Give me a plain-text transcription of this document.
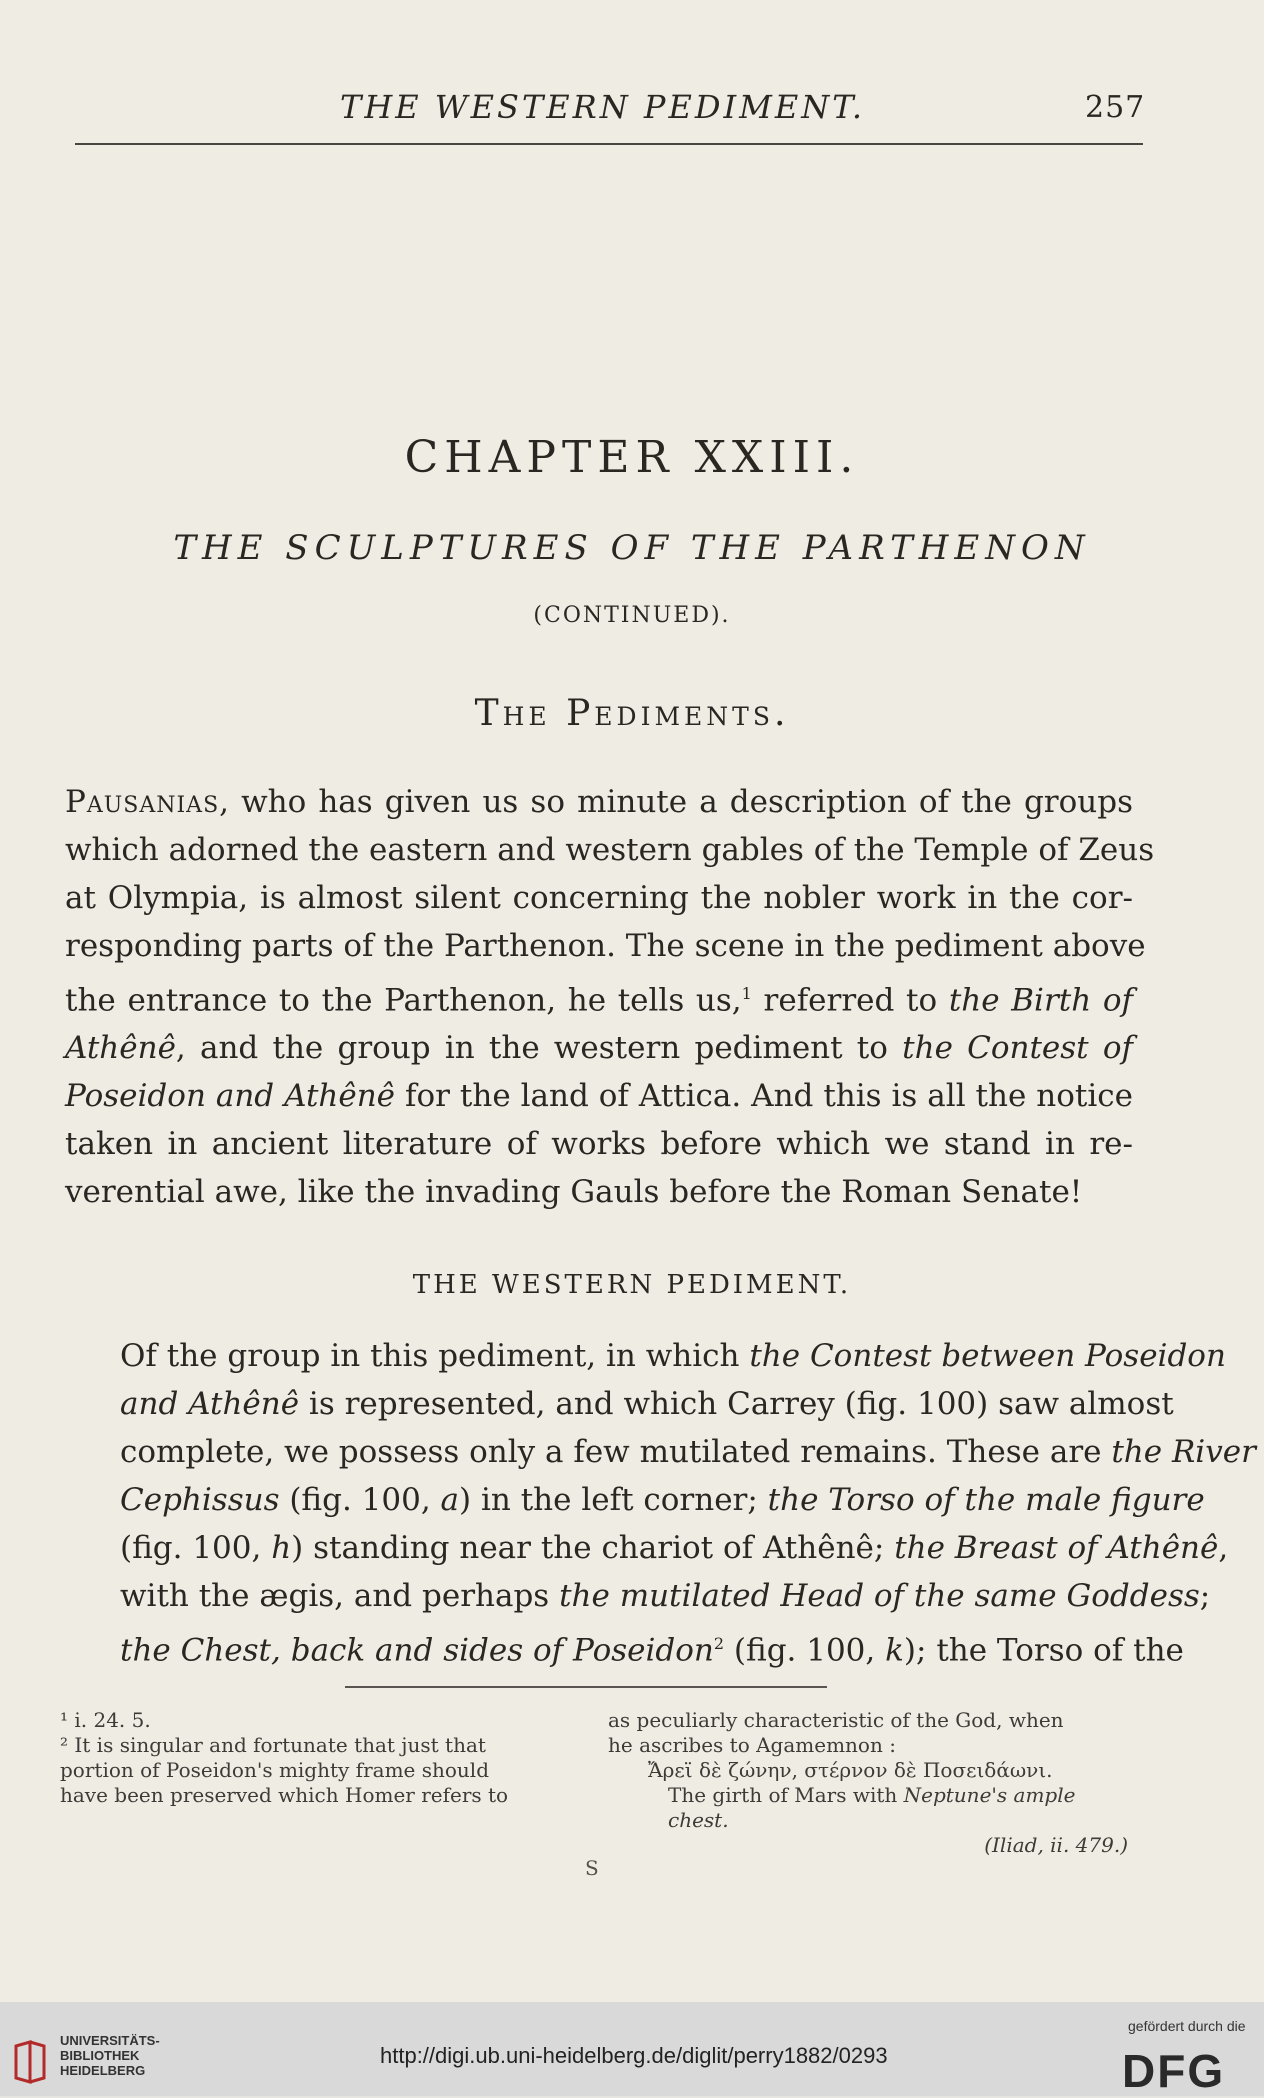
THE WESTERN PEDIMENT.	257
CHAPTER XXIII.
THE SCULPTURES OF THE PARTHENON
(CONTINUED).
The Pediments.
Pausanias, who has given us so minute a description of the groups
which adorned the eastern and western gables of the Temple of Zeus
at Olympia, is almost silent concerning the nobler work in the cor-
responding parts of the Parthenon. The scene in the pediment above
the entrance to the Parthenon, he tells us,$^1$ referred to the Birth of
Athênê, and the group in the western pediment to the Contest of
Poseidon and Athênê for the land of Attica. And this is all the notice
taken in ancient literature of works before which we stand in re-
verential awe, like the invading Gauls before the Roman Senate!
THE WESTERN PEDIMENT.
Of the group in this pediment, in which the Contest between Poseidon
and Athênê is represented, and which Carrey (fig. 100) saw almost
complete, we possess only a few mutilated remains. These are the River
Cephissus (fig. 100, a) in the left corner; the Torso of the male figure
(fig. 100, h) standing near the chariot of Athênê; the Breast of Athênê,
with the ægis, and perhaps the mutilated Head of the same Goddess;
the Chest, back and sides of Poseidon$^2$ (fig. 100, k); the Torso of the
¹ i. 24. 5.
² It is singular and fortunate that just that
portion of Poseidon's mighty frame should
have been preserved which Homer refers to
as peculiarly characteristic of the God, when
he ascribes to Agamemnon :
Ἄρεϊ δὲ ζώνην, στέρνον δὲ Ποσειδάωνι.
The girth of Mars with Neptune's ample chest.
(Iliad, ii. 479.)
S
UNIVERSITÄTS-
BIBLIOTHEK
HEIDELBERG
http://digi.ub.uni-heidelberg.de/diglit/perry1882/0293
gefördert durch die
DFG
